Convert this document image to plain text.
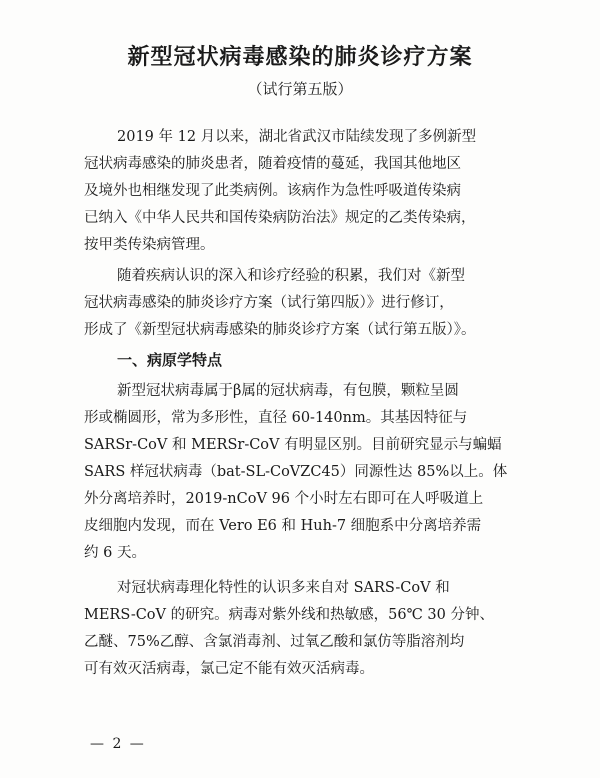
新型冠状病毒感染的肺炎诊疗方案
（试行第五版）
2019 年 12 月以来，湖北省武汉市陆续发现了多例新型
冠状病毒感染的肺炎患者，随着疫情的蔓延，我国其他地区
及境外也相继发现了此类病例。该病作为急性呼吸道传染病
已纳入《中华人民共和国传染病防治法》规定的乙类传染病，
按甲类传染病管理。
随着疾病认识的深入和诊疗经验的积累，我们对《新型
冠状病毒感染的肺炎诊疗方案（试行第四版）》进行修订，
形成了《新型冠状病毒感染的肺炎诊疗方案（试行第五版）》。
一、病原学特点
新型冠状病毒属于β属的冠状病毒，有包膜，颗粒呈圆
形或椭圆形，常为多形性，直径 60-140nm。其基因特征与
SARSr-CoV 和 MERSr-CoV 有明显区别。目前研究显示与蝙蝠
SARS 样冠状病毒（bat-SL-CoVZC45）同源性达 85%以上。体
外分离培养时，2019-nCoV 96 个小时左右即可在人呼吸道上
皮细胞内发现，而在 Vero E6 和 Huh-7 细胞系中分离培养需
约 6 天。
对冠状病毒理化特性的认识多来自对 SARS-CoV 和
MERS-CoV 的研究。病毒对紫外线和热敏感，56℃ 30 分钟、
乙醚、75%乙醇、含氯消毒剂、过氧乙酸和氯仿等脂溶剂均
可有效灭活病毒，氯己定不能有效灭活病毒。
— 2 —
